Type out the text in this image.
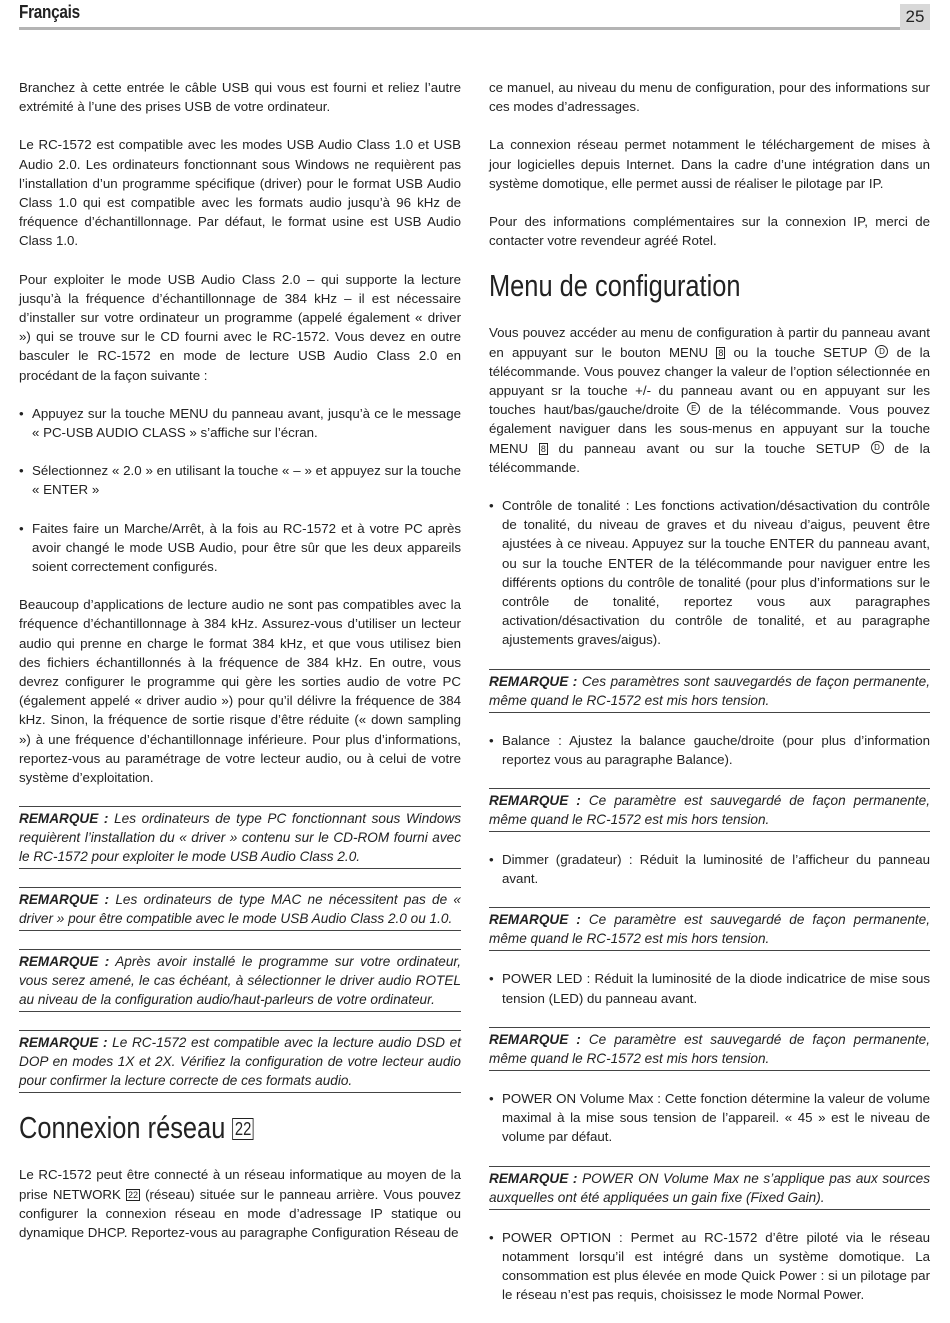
Français	25

Branchez à cette entrée le câble USB qui vous est fourni et reliez l’autre extrémité à l’une des prises USB de votre ordinateur.

Le RC-1572 est compatible avec les modes USB Audio Class 1.0 et USB Audio 2.0. Les ordinateurs fonctionnant sous Windows ne requièrent pas l’installation d’un programme spécifique (driver) pour le format USB Audio Class 1.0 qui est compatible avec les formats audio jusqu’à 96 kHz de fréquence d’échantillonnage. Par défaut, le format usine est USB Audio Class 1.0.

Pour exploiter le mode USB Audio Class 2.0 – qui supporte la lecture jusqu’à la fréquence d’échantillonnage de 384 kHz – il est nécessaire d’installer sur votre ordinateur un programme (appelé également « driver ») qui se trouve sur le CD fourni avec le RC-1572. Vous devez en outre basculer le RC-1572 en mode de lecture USB Audio Class 2.0 en procédant de la façon suivante :

• Appuyez sur la touche MENU du panneau avant, jusqu’à ce le message « PC-USB AUDIO CLASS » s’affiche sur l’écran.

• Sélectionnez « 2.0 » en utilisant la touche « – » et appuyez sur la touche « ENTER »

• Faites faire un Marche/Arrêt, à la fois au RC-1572 et à votre PC après avoir changé le mode USB Audio, pour être sûr que les deux appareils soient correctement configurés.

Beaucoup d’applications de lecture audio ne sont pas compatibles avec la fréquence d’échantillonnage à 384 kHz. Assurez-vous d’utiliser un lecteur audio qui prenne en charge le format 384 kHz, et que vous utilisez bien des fichiers échantillonnés à la fréquence de 384 kHz. En outre, vous devrez configurer le programme qui gère les sorties audio de votre PC (également appelé « driver audio ») pour qu’il délivre la fréquence de 384 kHz. Sinon, la fréquence de sortie risque d’être réduite (« down sampling ») à une fréquence d’échantillonnage inférieure. Pour plus d’informations, reportez-vous au paramétrage de votre lecteur audio, ou à celui de votre système d’exploitation.

REMARQUE : Les ordinateurs de type PC fonctionnant sous Windows requièrent l’installation du « driver » contenu sur le CD-ROM fourni avec le RC-1572 pour exploiter le mode USB Audio Class 2.0.
REMARQUE : Les ordinateurs de type MAC ne nécessitent pas de « driver » pour être compatible avec le mode USB Audio Class 2.0 ou 1.0.
REMARQUE : Après avoir installé le programme sur votre ordinateur, vous serez amené, le cas échéant, à sélectionner le driver audio ROTEL au niveau de la configuration audio/haut-parleurs de votre ordinateur.
REMARQUE : Le RC-1572 est compatible avec la lecture audio DSD et DOP en modes 1X et 2X. Vérifiez la configuration de votre lecteur audio pour confirmer la lecture correcte de ces formats audio.
Connexion réseau 22

Le RC-1572 peut être connecté à un réseau informatique au moyen de la prise NETWORK 22 (réseau) située sur le panneau arrière. Vous pouvez configurer la connexion réseau en mode d’adressage IP statique ou dynamique DHCP. Reportez-vous au paragraphe Configuration Réseau de

ce manuel, au niveau du menu de configuration, pour des informations sur ces modes d’adressages.

La connexion réseau permet notamment le téléchargement de mises à jour logicielles depuis Internet. Dans la cadre d’une intégration dans un système domotique, elle permet aussi de réaliser le pilotage par IP.

Pour des informations complémentaires sur la connexion IP, merci de contacter votre revendeur agréé Rotel.

Menu de configuration

Vous pouvez accéder au menu de configuration à partir du panneau avant en appuyant sur le bouton MENU 8 ou la touche SETUP D de la télécommande. Vous pouvez changer la valeur de l’option sélectionnée en appuyant sr la touche +/- du panneau avant ou en appuyant sur les touches haut/bas/gauche/droite E de la télécommande. Vous pouvez également naviguer dans les sous-menus en appuyant sur la touche MENU 8 du panneau avant ou sur la touche SETUP D de la télécommande.

• Contrôle de tonalité : Les fonctions activation/désactivation du contrôle de tonalité, du niveau de graves et du niveau d’aigus, peuvent être ajustées à ce niveau. Appuyez sur la touche ENTER du panneau avant, ou sur la touche ENTER de la télécommande pour naviguer entre les différents options du contrôle de tonalité (pour plus d’informations sur le contrôle de tonalité, reportez vous aux paragraphes activation/désactivation du contrôle de tonalité, et au paragraphe ajustements graves/aigus).

REMARQUE : Ces paramètres sont sauvegardés de façon permanente, même quand le RC-1572 est mis hors tension.

• Balance : Ajustez la balance gauche/droite (pour plus d’information reportez vous au paragraphe Balance).

REMARQUE : Ce paramètre est sauvegardé de façon permanente, même quand le RC-1572 est mis hors tension.

• Dimmer (gradateur) : Réduit la luminosité de l’afficheur du panneau avant.

REMARQUE : Ce paramètre est sauvegardé de façon permanente, même quand le RC-1572 est mis hors tension.

• POWER LED : Réduit la luminosité de la diode indicatrice de mise sous tension (LED) du panneau avant.

REMARQUE : Ce paramètre est sauvegardé de façon permanente, même quand le RC-1572 est mis hors tension.

• POWER ON Volume Max : Cette fonction détermine la valeur de volume maximal à la mise sous tension de l’appareil. « 45 » est le niveau de volume par défaut.

REMARQUE : POWER ON Volume Max ne s’applique pas aux sources auxquelles ont été appliquées un gain fixe (Fixed Gain).

• POWER OPTION : Permet au RC-1572 d’être piloté via le réseau notamment lorsqu’il est intégré dans un système domotique. La consommation est plus élevée en mode Quick Power : si un pilotage par le réseau n’est pas requis, choisissez le mode Normal Power.
